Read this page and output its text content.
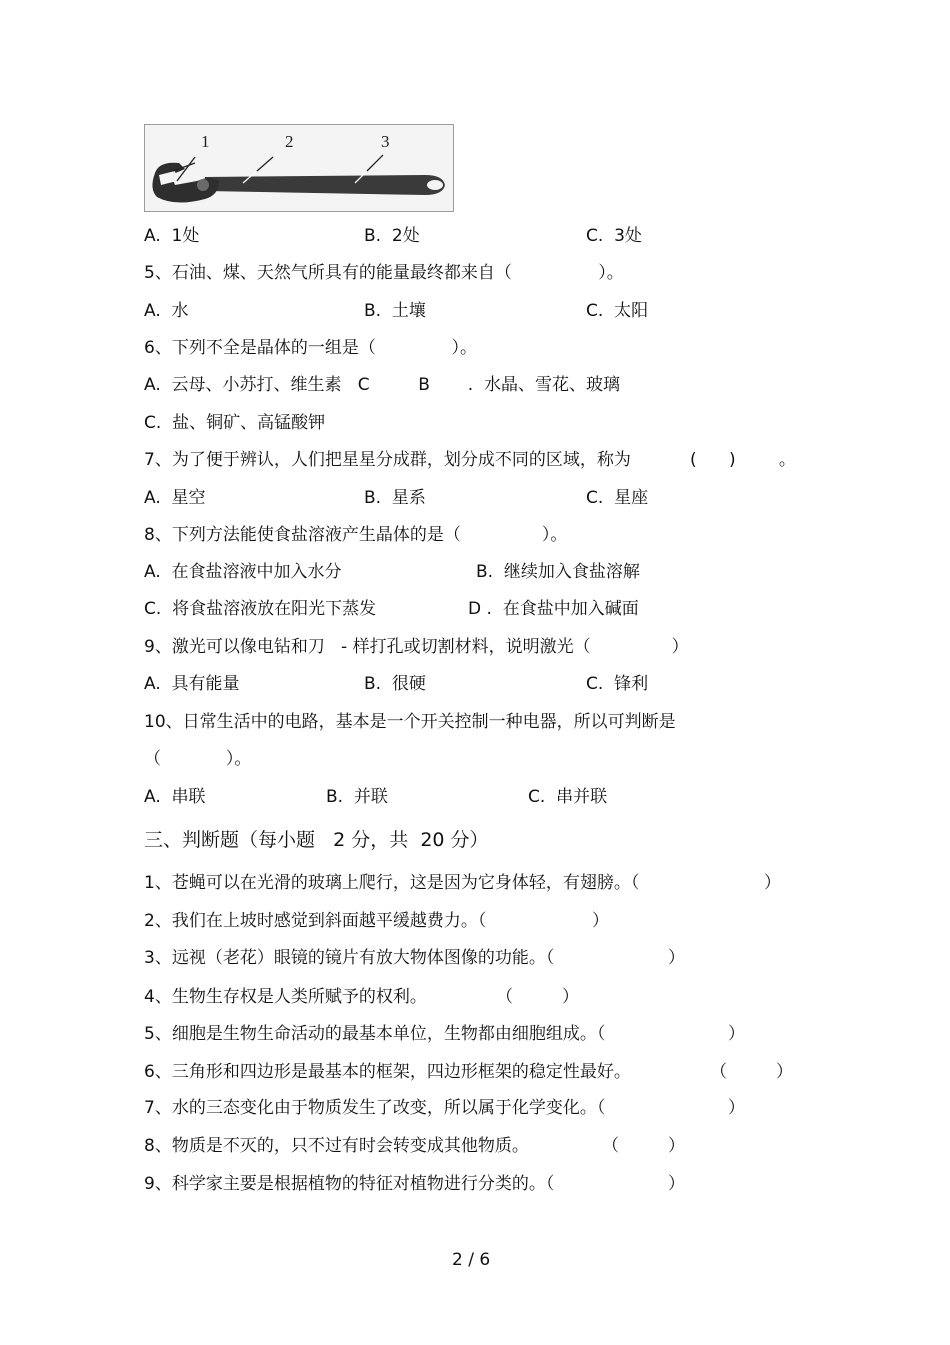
1	2	3
A.  1处	B.  2处	C.  3处
5、石油、煤、天然气所具有的能量最终都来自（                ）。
A.  水	B.  土壤	C.  太阳
6、下列不全是晶体的一组是（              ）。
A.  云母、小苏打、维生素   C         B       .  水晶、雪花、玻璃
C.  盐、铜矿、高锰酸钾
7、为了便于辨认，人们把星星分成群，划分成不同的区域，称为	(      )        。
A.  星空	B.  星系	C.  星座
8、下列方法能使食盐溶液产生晶体的是（               ）。
A.  在食盐溶液中加入水分	B.  继续加入食盐溶解
C.  将食盐溶液放在阳光下蒸发	D .  在食盐中加入碱面
9、激光可以像电钻和刀   - 样打孔或切割材料，说明激光（               ）
A.  具有能量	B.  很硬	C.  锋利
10、日常生活中的电路，基本是一个开关控制一种电器，所以可判断是
（            ）。
A.  串联	B.  并联	C.  串并联
三、判断题（每小题   2 分，共  20 分）
1、苍蝇可以在光滑的玻璃上爬行，这是因为它身体轻，有翅膀。（	）
2、我们在上坡时感觉到斜面越平缓越费力。（	）
3、远视（老花）眼镜的镜片有放大物体图像的功能。（	）
4、生物生存权是人类所赋予的权利。	（	）
5、细胞是生物生命活动的最基本单位，生物都由细胞组成。（	）
6、三角形和四边形是最基本的框架，四边形框架的稳定性最好。	（	）
7、水的三态变化由于物质发生了改变，所以属于化学变化。（	）
8、物质是不灭的，只不过有时会转变成其他物质。	（	）
9、科学家主要是根据植物的特征对植物进行分类的。（	）
2 / 6
